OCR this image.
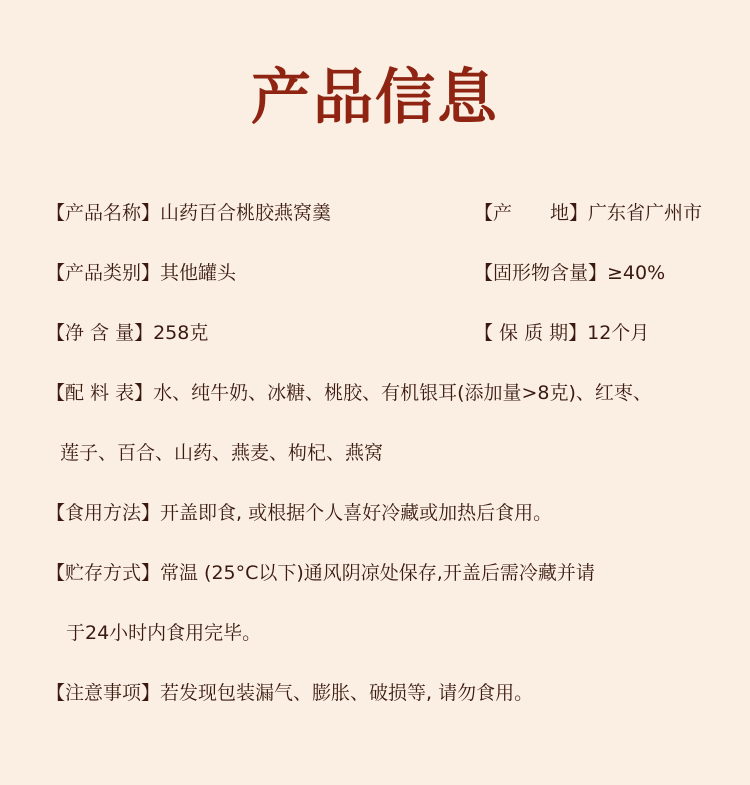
产品信息
【产品名称】山药百合桃胶燕窝羹	【产　　地】广东省广州市
【产品类别】其他罐头	【固形物含量】≥40%
【净 含 量】258克	【 保 质 期】12个月
【配 料 表】水、纯牛奶、冰糖、桃胶、有机银耳(添加量>8克)、红枣、
莲子、百合、山药、燕麦、枸杞、燕窝
【食用方法】开盖即食, 或根据个人喜好冷藏或加热后食用。
【贮存方式】常温 (25°C以下)通风阴凉处保存,开盖后需冷藏并请
于24小时内食用完毕。
【注意事项】若发现包装漏气、膨胀、破损等, 请勿食用。
